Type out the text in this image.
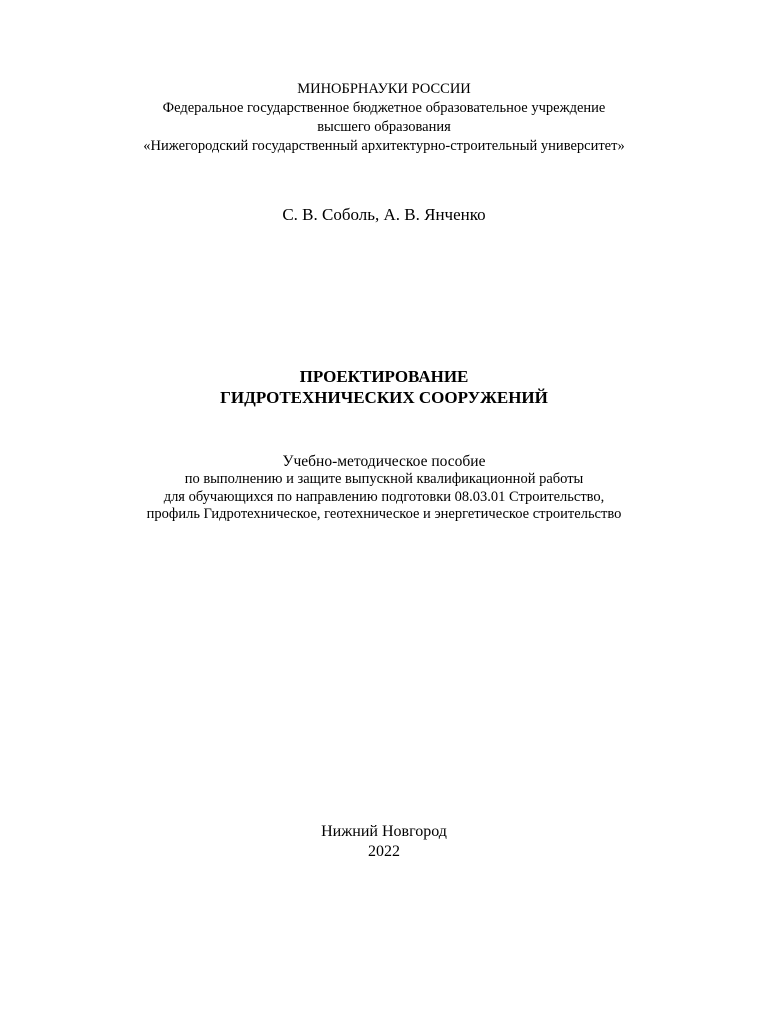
МИНОБРНАУКИ РОССИИ
Федеральное государственное бюджетное образовательное учреждение
высшего образования
«Нижегородский государственный архитектурно-строительный университет»
С. В. Соболь, А. В. Янченко
ПРОЕКТИРОВАНИЕ
ГИДРОТЕХНИЧЕСКИХ СООРУЖЕНИЙ
Учебно-методическое пособие
по выполнению и защите выпускной квалификационной работы
для обучающихся по направлению подготовки 08.03.01 Строительство,
профиль Гидротехническое, геотехническое и энергетическое строительство
Нижний Новгород
2022
